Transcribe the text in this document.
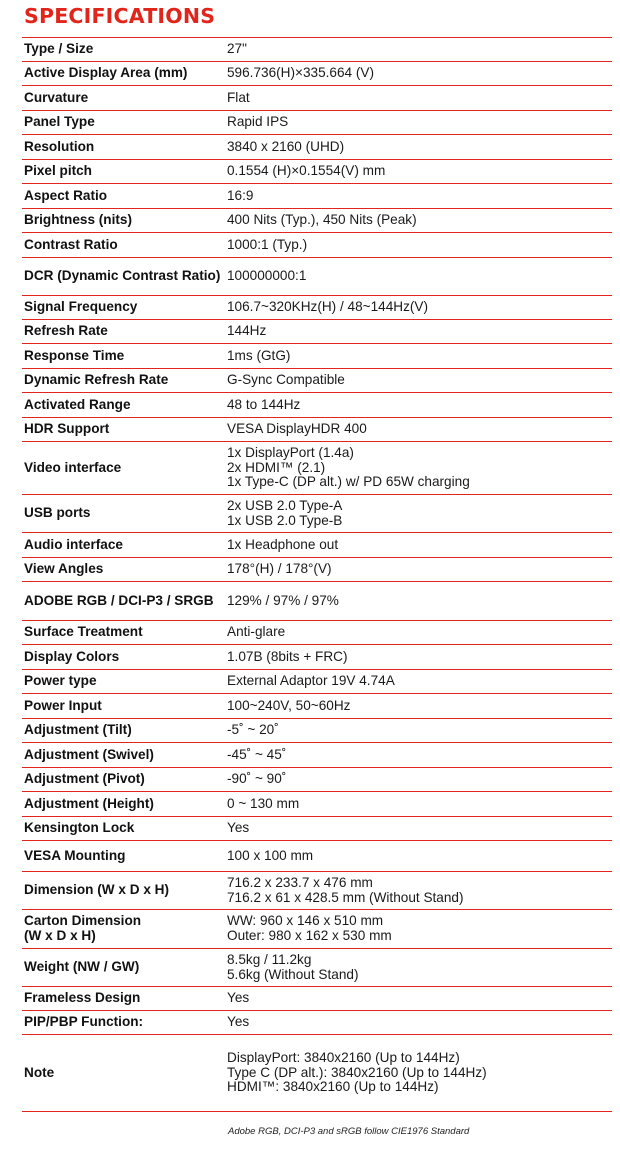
SPECIFICATIONS
Type / Size	27"
Active Display Area (mm)	596.736(H)×335.664 (V)
Curvature	Flat
Panel Type	Rapid IPS
Resolution	3840 x 2160 (UHD)
Pixel pitch	0.1554 (H)×0.1554(V) mm
Aspect Ratio	16:9
Brightness (nits)	400 Nits (Typ.), 450 Nits (Peak)
Contrast Ratio	1000:1 (Typ.)
DCR (Dynamic Contrast Ratio)	100000000:1
Signal Frequency	106.7~320KHz(H) / 48~144Hz(V)
Refresh Rate	144Hz
Response Time	1ms (GtG)
Dynamic Refresh Rate	G-Sync Compatible
Activated Range	48 to 144Hz
HDR Support	VESA DisplayHDR 400
Video interface	1x DisplayPort (1.4a)
2x HDMI™ (2.1)
1x Type-C (DP alt.) w/ PD 65W charging
USB ports	2x USB 2.0 Type-A
1x USB 2.0 Type-B
Audio interface	1x Headphone out
View Angles	178°(H) / 178°(V)
ADOBE RGB / DCI-P3 / SRGB	129% / 97% / 97%
Surface Treatment	Anti-glare
Display Colors	1.07B (8bits + FRC)
Power type	External Adaptor 19V 4.74A
Power Input	100~240V, 50~60Hz
Adjustment (Tilt)	-5˚ ~ 20˚
Adjustment (Swivel)	-45˚ ~ 45˚
Adjustment (Pivot)	-90˚ ~ 90˚
Adjustment (Height)	0 ~ 130 mm
Kensington Lock	Yes
VESA Mounting	100 x 100 mm
Dimension (W x D x H)	716.2 x 233.7 x 476 mm
716.2 x 61 x 428.5 mm (Without Stand)
Carton Dimension
(W x D x H)	WW: 960 x 146 x 510 mm
Outer: 980 x 162 x 530 mm
Weight (NW / GW)	8.5kg / 11.2kg
5.6kg (Without Stand)
Frameless Design	Yes
PIP/PBP Function:	Yes
Note	DisplayPort: 3840x2160 (Up to 144Hz)
Type C (DP alt.): 3840x2160 (Up to 144Hz)
HDMI™: 3840x2160 (Up to 144Hz)

Adobe RGB, DCI-P3 and sRGB follow CIE1976 Standard
